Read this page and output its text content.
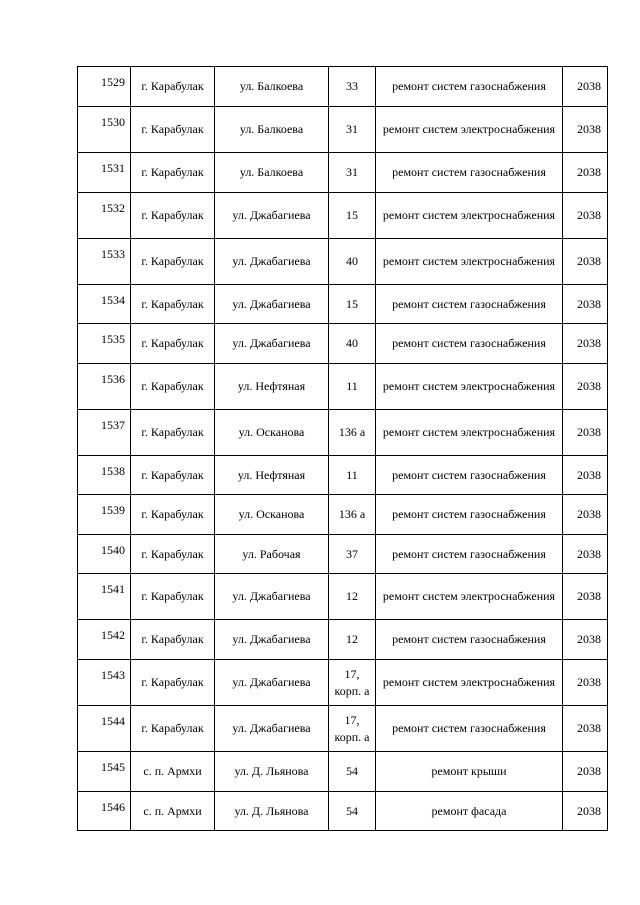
1529	г. Карабулак	ул. Балкоева	33	ремонт систем газоснабжения	2038
1530	г. Карабулак	ул. Балкоева	31	ремонт систем электроснабжения	2038
1531	г. Карабулак	ул. Балкоева	31	ремонт систем газоснабжения	2038
1532	г. Карабулак	ул. Джабагиева	15	ремонт систем электроснабжения	2038
1533	г. Карабулак	ул. Джабагиева	40	ремонт систем электроснабжения	2038
1534	г. Карабулак	ул. Джабагиева	15	ремонт систем газоснабжения	2038
1535	г. Карабулак	ул. Джабагиева	40	ремонт систем газоснабжения	2038
1536	г. Карабулак	ул. Нефтяная	11	ремонт систем электроснабжения	2038
1537	г. Карабулак	ул. Осканова	136 а	ремонт систем электроснабжения	2038
1538	г. Карабулак	ул. Нефтяная	11	ремонт систем газоснабжения	2038
1539	г. Карабулак	ул. Осканова	136 а	ремонт систем газоснабжения	2038
1540	г. Карабулак	ул. Рабочая	37	ремонт систем газоснабжения	2038
1541	г. Карабулак	ул. Джабагиева	12	ремонт систем электроснабжения	2038
1542	г. Карабулак	ул. Джабагиева	12	ремонт систем газоснабжения	2038
1543	г. Карабулак	ул. Джабагиева	17, корп. а	ремонт систем электроснабжения	2038
1544	г. Карабулак	ул. Джабагиева	17, корп. а	ремонт систем газоснабжения	2038
1545	с. п. Армхи	ул. Д. Льянова	54	ремонт крыши	2038
1546	с. п. Армхи	ул. Д. Льянова	54	ремонт фасада	2038
